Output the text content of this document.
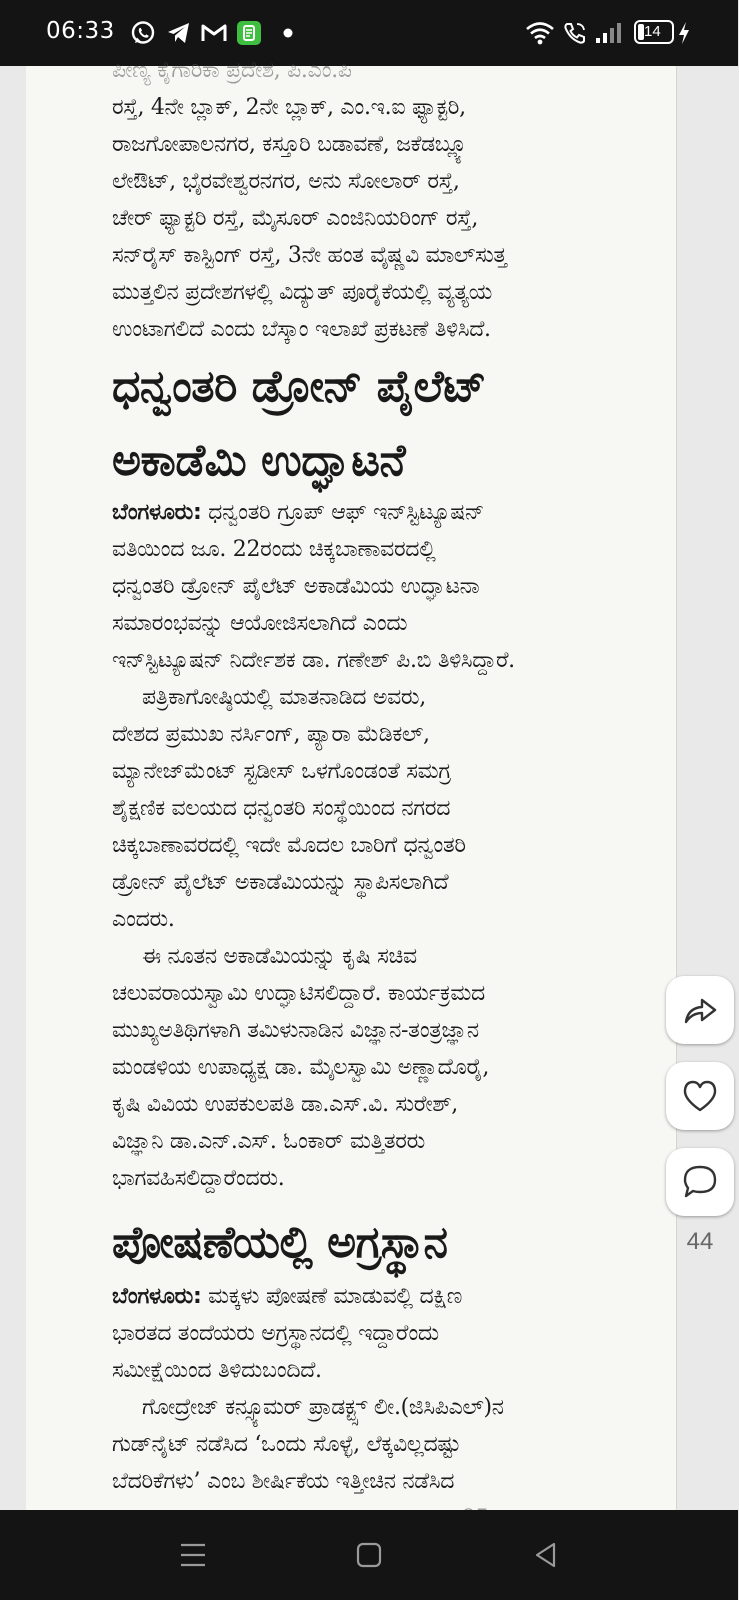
06:33	14
ಪೀಣ್ಯ ಕೈಗಾರಿಕಾ ಪ್ರದೇಶ, ಪಿ.ಎಂ.ಪಿ
ರಸ್ತೆ, 4ನೇ ಬ್ಲಾಕ್, 2ನೇ ಬ್ಲಾಕ್, ಎಂ.ಇ.ಐ ಫ್ಯಾಕ್ಟರಿ,
ರಾಜಗೋಪಾಲನಗರ, ಕಸ್ತೂರಿ ಬಡಾವಣೆ, ಜಕೆಡಬ್ಲ್ಯೂ
ಲೇಔಟ್, ಭೈರವೇಶ್ವರನಗರ, ಅನು ಸೋಲಾರ್ ರಸ್ತೆ,
ಚೇರ್ ಫ್ಯಾಕ್ಟರಿ ರಸ್ತೆ, ಮೈಸೂರ್ ಎಂಜಿನಿಯರಿಂಗ್ ರಸ್ತೆ,
ಸನ್‌ರೈಸ್ ಕಾಸ್ಟಿಂಗ್ ರಸ್ತೆ, 3ನೇ ಹಂತ ವೈಷ್ಣವಿ ಮಾಲ್‌ಸುತ್ತ
ಮುತ್ತಲಿನ ಪ್ರದೇಶಗಳಲ್ಲಿ ವಿದ್ಯುತ್ ಪೂರೈಕೆಯಲ್ಲಿ ವ್ಯತ್ಯಯ
ಉಂಟಾಗಲಿದೆ ಎಂದು ಬೆಸ್ಕಾಂ ಇಲಾಖೆ ಪ್ರಕಟಣೆ ತಿಳಿಸಿದೆ.
ಧನ್ವಂತರಿ ಡ್ರೋನ್ ಪೈಲೆಟ್
ಅಕಾಡೆಮಿ ಉದ್ಘಾಟನೆ
ಬೆಂಗಳೂರು: ಧನ್ವಂತರಿ ಗ್ರೂಪ್ ಆಫ್ ಇನ್‌ಸ್ಟಿಟ್ಯೂಷನ್
ವತಿಯಿಂದ ಜೂ. 22ರಂದು ಚಿಕ್ಕಬಾಣಾವರದಲ್ಲಿ
ಧನ್ವಂತರಿ ಡ್ರೋನ್ ಪೈಲೆಟ್ ಅಕಾಡೆಮಿಯ ಉದ್ಘಾಟನಾ
ಸಮಾರಂಭವನ್ನು ಆಯೋಜಿಸಲಾಗಿದೆ ಎಂದು
ಇನ್‌ಸ್ಟಿಟ್ಯೂಷನ್ ನಿರ್ದೇಶಕ ಡಾ. ಗಣೇಶ್ ಪಿ.ಬಿ ತಿಳಿಸಿದ್ದಾರೆ.
ಪತ್ರಿಕಾಗೋಷ್ಠಿಯಲ್ಲಿ ಮಾತನಾಡಿದ ಅವರು,
ದೇಶದ ಪ್ರಮುಖ ನರ್ಸಿಂಗ್, ಪ್ಯಾರಾ ಮೆಡಿಕಲ್,
ಮ್ಯಾನೇಜ್‌ಮೆಂಟ್ ಸ್ಟಡೀಸ್ ಒಳಗೊಂಡಂತೆ ಸಮಗ್ರ
ಶೈಕ್ಷಣಿಕ ವಲಯದ ಧನ್ವಂತರಿ ಸಂಸ್ಥೆಯಿಂದ ನಗರದ
ಚಿಕ್ಕಬಾಣಾವರದಲ್ಲಿ ಇದೇ ಮೊದಲ ಬಾರಿಗೆ ಧನ್ವಂತರಿ
ಡ್ರೋನ್ ಪೈಲೆಟ್ ಅಕಾಡೆಮಿಯನ್ನು ಸ್ಥಾಪಿಸಲಾಗಿದೆ
ಎಂದರು.
ಈ ನೂತನ ಅಕಾಡೆಮಿಯನ್ನು ಕೃಷಿ ಸಚಿವ
ಚಲುವರಾಯಸ್ವಾಮಿ ಉದ್ಘಾಟಿಸಲಿದ್ದಾರೆ. ಕಾರ್ಯಕ್ರಮದ
ಮುಖ್ಯಅತಿಥಿಗಳಾಗಿ ತಮಿಳುನಾಡಿನ ವಿಜ್ಞಾನ-ತಂತ್ರಜ್ಞಾನ
ಮಂಡಳಿಯ ಉಪಾಧ್ಯಕ್ಷ ಡಾ. ಮೈಲಸ್ವಾಮಿ ಅಣ್ಣಾದೊರೈ,
ಕೃಷಿ ವಿವಿಯ ಉಪಕುಲಪತಿ ಡಾ.ಎಸ್.ವಿ. ಸುರೇಶ್,
ವಿಜ್ಞಾನಿ ಡಾ.ಎನ್.ಎಸ್. ಓಂಕಾರ್ ಮತ್ತಿತರರು
ಭಾಗವಹಿಸಲಿದ್ದಾರೆಂದರು.
ಪೋಷಣೆಯಲ್ಲಿ ಅಗ್ರಸ್ಥಾನ
ಬೆಂಗಳೂರು: ಮಕ್ಕಳು ಪೋಷಣೆ ಮಾಡುವಲ್ಲಿ ದಕ್ಷಿಣ
ಭಾರತದ ತಂದೆಯರು ಅಗ್ರಸ್ಥಾನದಲ್ಲಿ ಇದ್ದಾರೆಂದು
ಸಮೀಕ್ಷೆಯಿಂದ ತಿಳಿದುಬಂದಿದೆ.
ಗೋದ್ರೇಜ್ ಕನ್ಸ್ಯೂಮರ್ ಪ್ರಾಡಕ್ಟ್ಸ್ ಲೀ.(ಜಿಸಿಪಿಎಲ್)ನ
ಗುಡ್‌ನೈಟ್ ನಡೆಸಿದ ‘ಒಂದು ಸೊಳ್ಳೆ, ಲೆಕ್ಕವಿಲ್ಲದಷ್ಟು
ಬೆದರಿಕೆಗಳು’ ಎಂಬ ಶೀರ್ಷಿಕೆಯ ಇತ್ತೀಚಿನ ನಡೆಸಿದ
44
